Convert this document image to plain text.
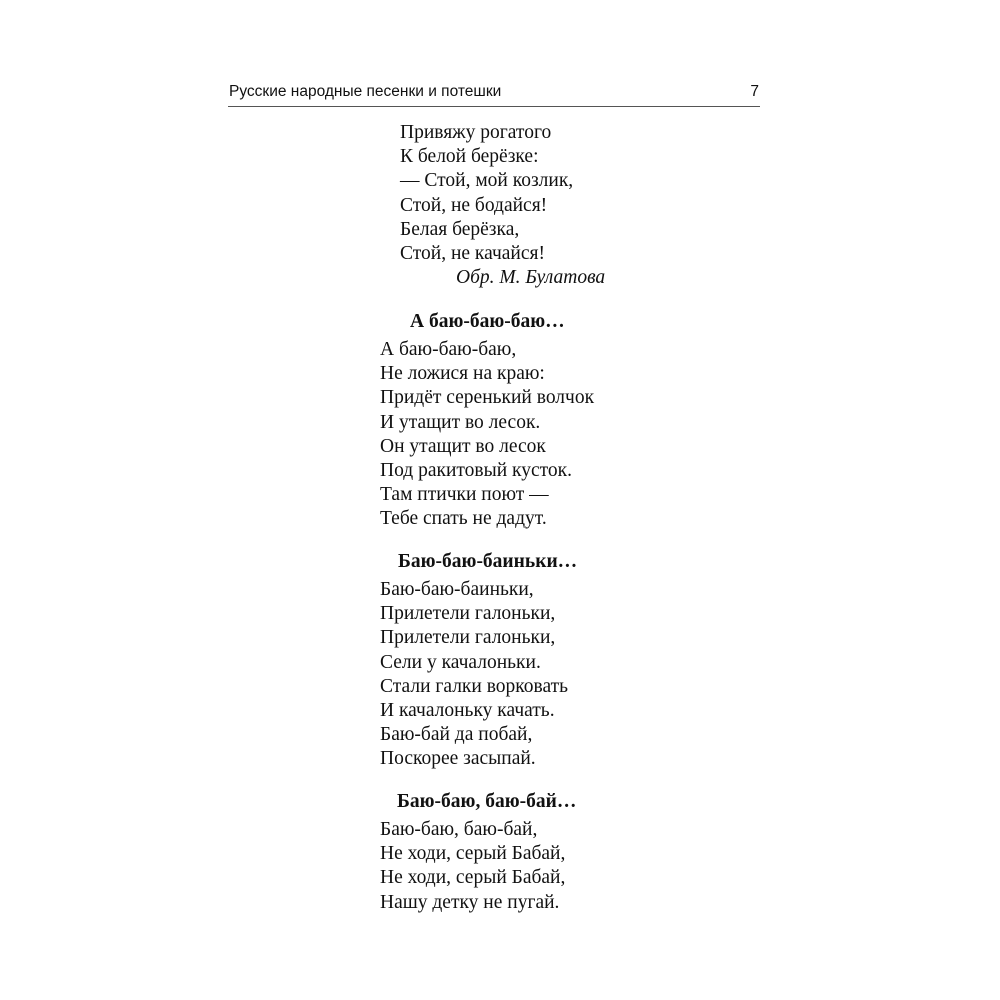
Русские народные песенки и потешки	7
Привяжу рогатого
К белой берёзке:
— Стой, мой козлик,
Стой, не бодайся!
Белая берёзка,
Стой, не качайся!
Обр. М. Булатова
А баю-баю-баю…
А баю-баю-баю,
Не ложися на краю:
Придёт серенький волчок
И утащит во лесок.
Он утащит во лесок
Под ракитовый кусток.
Там птички поют —
Тебе спать не дадут.
Баю-баю-баиньки…
Баю-баю-баиньки,
Прилетели галоньки,
Прилетели галоньки,
Сели у качалоньки.
Стали галки ворковать
И качалоньку качать.
Баю-бай да побай,
Поскорее засыпай.
Баю-баю, баю-бай…
Баю-баю, баю-бай,
Не ходи, серый Бабай,
Не ходи, серый Бабай,
Нашу детку не пугай.
